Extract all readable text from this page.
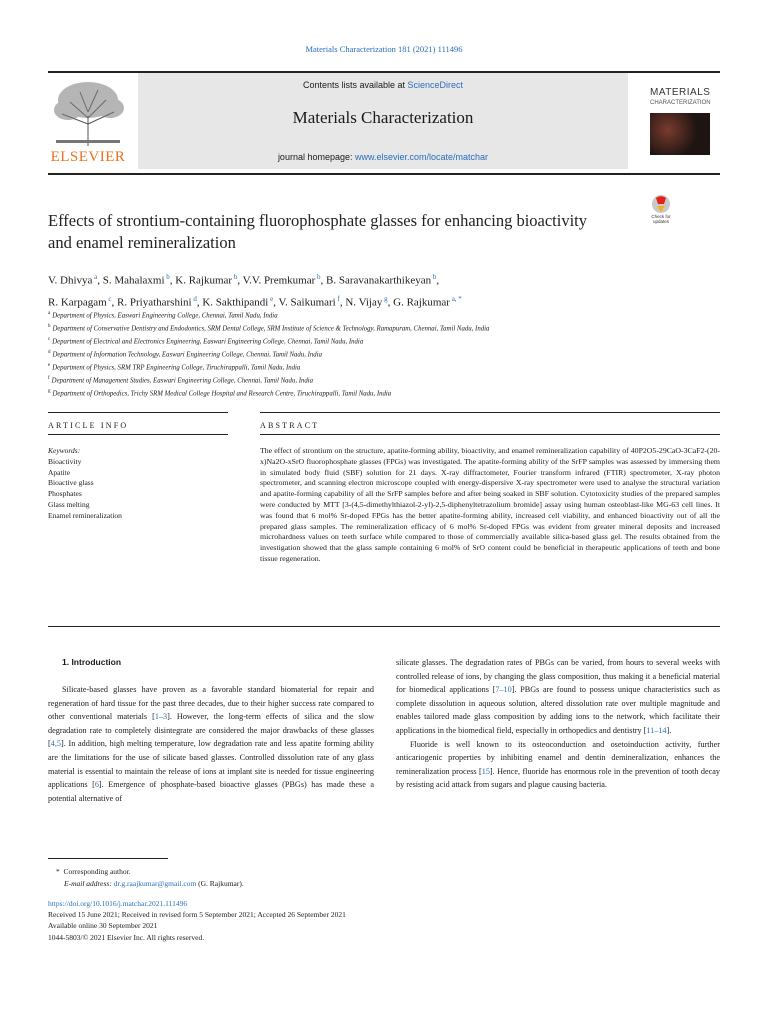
Materials Characterization 181 (2021) 111496
ELSEVIER
Contents lists available at ScienceDirect
Materials Characterization
journal homepage: www.elsevier.com/locate/matchar
MATERIALS
CHARACTERIZATION
Effects of strontium-containing fluorophosphate glasses for enhancing bioactivity and enamel remineralization
Check for updates
V. Dhivya $^a$, S. Mahalaxmi $^b$, K. Rajkumar $^b$, V.V. Premkumar $^b$, B. Saravanakarthikeyan $^b$,
R. Karpagam $^c$, R. Priyatharshini $^d$, K. Sakthipandi $^e$, V. Saikumari $^f$, N. Vijay $^g$, G. Rajkumar $^{a, *}$
$^a$ Department of Physics, Easwari Engineering College, Chennai, Tamil Nadu, India
$^b$ Department of Conservative Dentistry and Endodontics, SRM Dental College, SRM Institute of Science & Technology, Ramapuram, Chennai, Tamil Nadu, India
$^c$ Department of Electrical and Electronics Engineering, Easwari Engineering College, Chennai, Tamil Nadu, India
$^d$ Department of Information Technology, Easwari Engineering College, Chennai, Tamil Nadu, India
$^e$ Department of Physics, SRM TRP Engineering College, Tiruchirappalli, Tamil Nadu, India
$^f$ Department of Management Studies, Easwari Engineering College, Chennai, Tamil Nadu, India
$^g$ Department of Orthopedics, Trichy SRM Medical College Hospital and Research Centre, Tiruchirappalli, Tamil Nadu, India
ARTICLE INFO	ABSTRACT
Keywords:
Bioactivity
Apatite
Bioactive glass
Phosphates
Glass melting
Enamel remineralization
The effect of strontium on the structure, apatite-forming ability, bioactivity, and enamel remineralization capability of 40P2O5-29CaO-3CaF2-(20-x)Na2O-xSrO fluorophosphate glasses (FPGs) was investigated. The apatite-forming ability of the SrFP samples was assessed by immersing them in simulated body fluid (SBF) solution for 21 days. X-ray diffractometer, Fourier transform infrared (FTIR) spectrometer, X-ray photon spectrometer, and scanning electron microscope coupled with energy-dispersive X-ray spectrometer were used to analyse the structural variation and apatite-forming capability of all the SrFP samples before and after being soaked in SBF solution. Cytotoxicity studies of the prepared samples were conducted by MTT [3-(4,5-dimethylthiazol-2-yl)-2,5-diphenyltetrazolium bromide] assay using human osteoblast-like MG-63 cell lines. It was found that 6 mol% Sr-doped FPGs has the better apatite-forming ability, increased cell viability, and enhanced bioactivity out of all the prepared glass samples. The remineralization efficacy of 6 mol% Sr-doped FPGs was evident from greater mineral deposits and increased microhardness values on teeth surface while compared to those of commercially available silica-based glass gel. The results obtained from the investigation showed that the glass sample containing 6 mol% of SrO content could be beneficial in therapeutic applications of teeth and bone tissue regeneration.
1. Introduction

Silicate-based glasses have proven as a favorable standard biomaterial for repair and regeneration of hard tissue for the past three decades, due to their higher success rate compared to other conventional materials [1–3]. However, the long-term effects of silica and the slow degradation rate to completely disintegrate are considered the major drawbacks of these glasses [4,5]. In addition, high melting temperature, low degradation rate and less apatite forming ability are the limitations for the use of silicate based glasses. Controlled dissolution rate of any glass material is essential to maintain the release of ions at implant site is needed for tissue engineering applications [6]. Emergence of phosphate-based bioactive glasses (PBGs) has made these a potential alternative of

silicate glasses. The degradation rates of PBGs can be varied, from hours to several weeks with controlled release of ions, by changing the glass composition, thus making it a beneficial material for biomedical applications [7–10]. PBGs are found to possess unique characteristics such as complete dissolution in aqueous solution, altered dissolution rate over multiple magnitude and enables tailored made glass composition by adding ions to the network, which facilitate their applications in the biomedical field, especially in orthopedics and dentistry [11–14].

Fluoride is well known to its osteoconduction and osetoinduction activity, further anticariogenic properties by inhibiting enamel and dentin demineralization, enhances the remineralization process [15]. Hence, fluoride has enormous role in the prevention of tooth decay by resisting acid attack from sugars and plague causing bacteria.

* Corresponding author.
E-mail address: dr.g.raajkumar@gmail.com (G. Rajkumar).
https://doi.org/10.1016/j.matchar.2021.111496
Received 15 June 2021; Received in revised form 5 September 2021; Accepted 26 September 2021
Available online 30 September 2021
1044-5803/© 2021 Elsevier Inc. All rights reserved.
